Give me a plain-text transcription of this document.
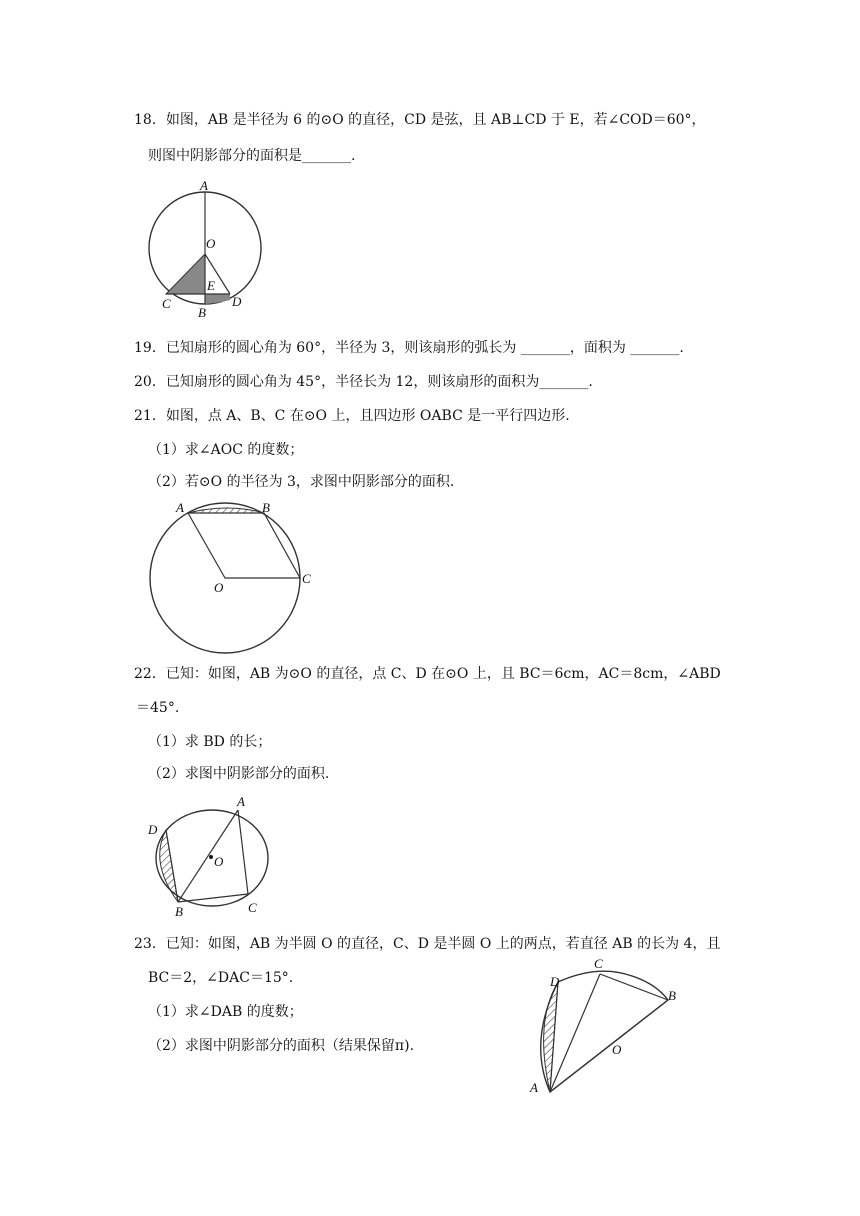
18．如图，AB 是半径为 6 的⊙O 的直径，CD 是弦，且 AB⊥CD 于 E，若∠COD＝60°，
则图中阴影部分的面积是_______.
A
O
E
C	D
B
19．已知扇形的圆心角为 60°，半径为 3，则该扇形的弧长为 _______，面积为 _______.
20．已知扇形的圆心角为 45°，半径长为 12，则该扇形的面积为_______.
21．如图，点 A、B、C 在⊙O 上，且四边形 OABC 是一平行四边形.
（1）求∠AOC 的度数；
（2）若⊙O 的半径为 3，求图中阴影部分的面积.
A	B
O
C
22．已知：如图，AB 为⊙O 的直径，点 C、D 在⊙O 上，且 BC＝6cm，AC＝8cm，∠ABD
＝45°.
（1）求 BD 的长；
（2）求图中阴影部分的面积.
D
A
O
B	C
23．已知：如图，AB 为半圆 O 的直径，C、D 是半圆 O 上的两点，若直径 AB 的长为 4，且
BC＝2，∠DAC＝15°.
（1）求∠DAB 的度数；
（2）求图中阴影部分的面积（结果保留π).
D
C
B
O
A
